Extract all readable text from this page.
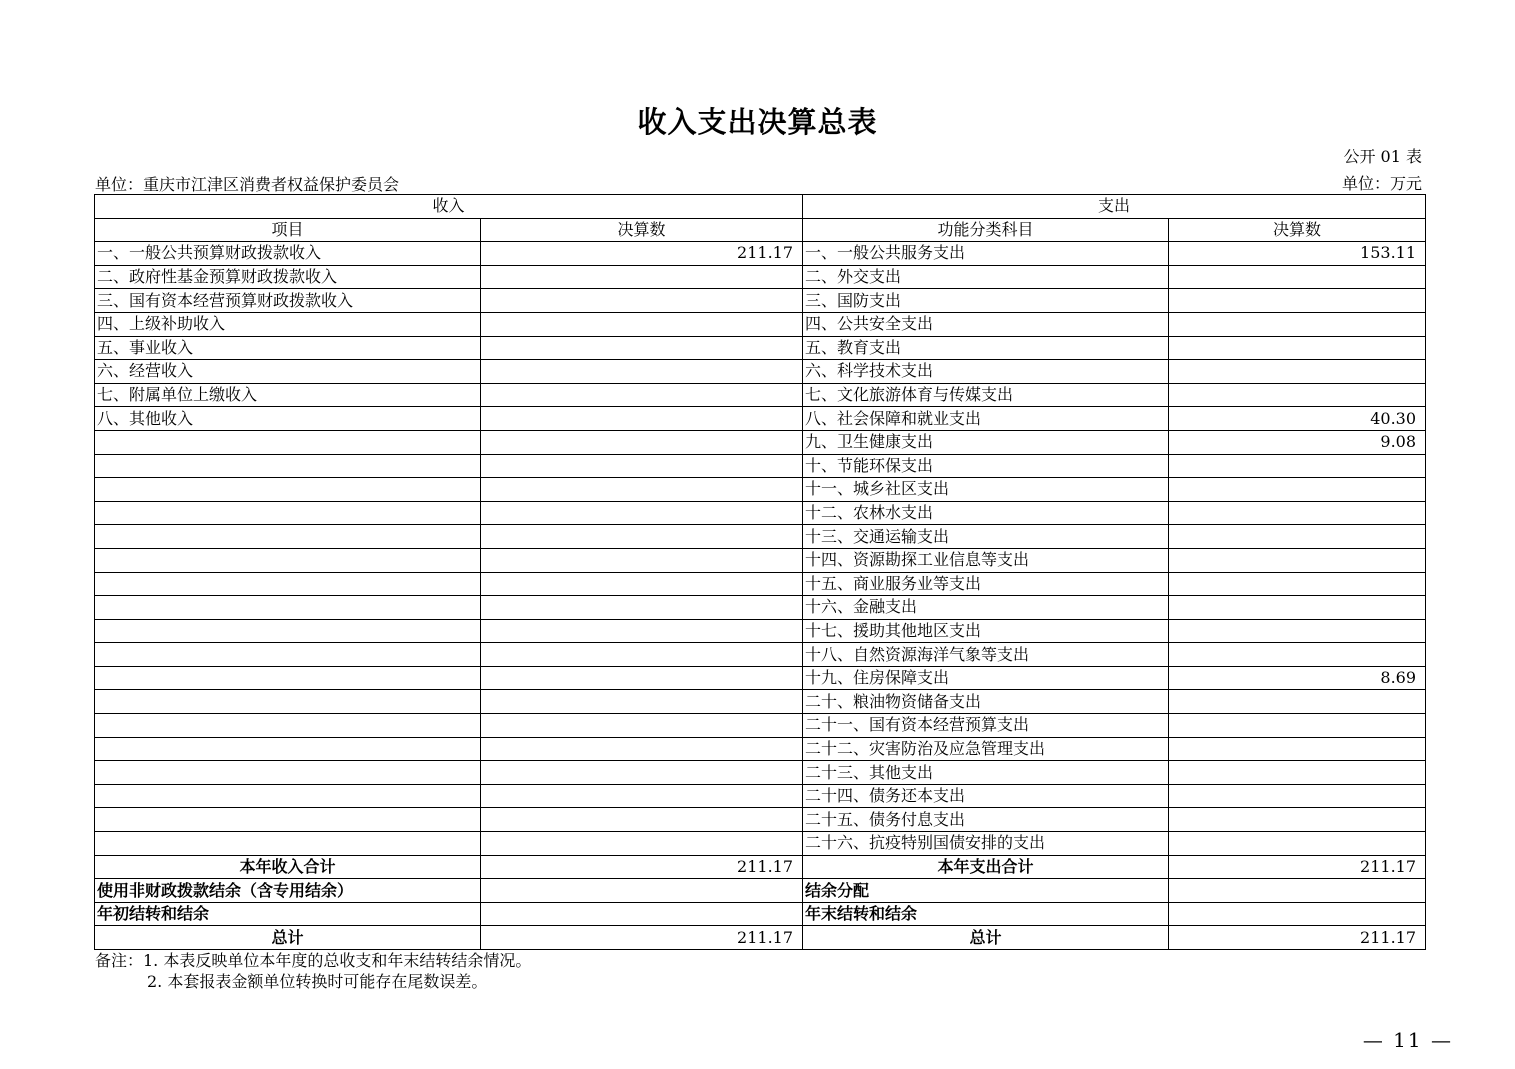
收入支出决算总表
公开 01 表
单位：重庆市江津区消费者权益保护委员会	单位：万元
收入		支出	
项目	决算数	功能分类科目	决算数
一、一般公共预算财政拨款收入	211.17	一、一般公共服务支出	153.11
二、政府性基金预算财政拨款收入		二、外交支出	
三、国有资本经营预算财政拨款收入		三、国防支出	
四、上级补助收入		四、公共安全支出	
五、事业收入		五、教育支出	
六、经营收入		六、科学技术支出	
七、附属单位上缴收入		七、文化旅游体育与传媒支出	
八、其他收入		八、社会保障和就业支出	40.30
		九、卫生健康支出	9.08
		十、节能环保支出	
		十一、城乡社区支出	
		十二、农林水支出	
		十三、交通运输支出	
		十四、资源勘探工业信息等支出	
		十五、商业服务业等支出	
		十六、金融支出	
		十七、援助其他地区支出	
		十八、自然资源海洋气象等支出	
		十九、住房保障支出	8.69
		二十、粮油物资储备支出	
		二十一、国有资本经营预算支出	
		二十二、灾害防治及应急管理支出	
		二十三、其他支出	
		二十四、债务还本支出	
		二十五、债务付息支出	
		二十六、抗疫特别国债安排的支出	
本年收入合计	211.17	本年支出合计	211.17
使用非财政拨款结余（含专用结余）		结余分配	
年初结转和结余		年末结转和结余	
总计	211.17	总计	211.17
备注：1. 本表反映单位本年度的总收支和年末结转结余情况。
2. 本套报表金额单位转换时可能存在尾数误差。
— 11 —
